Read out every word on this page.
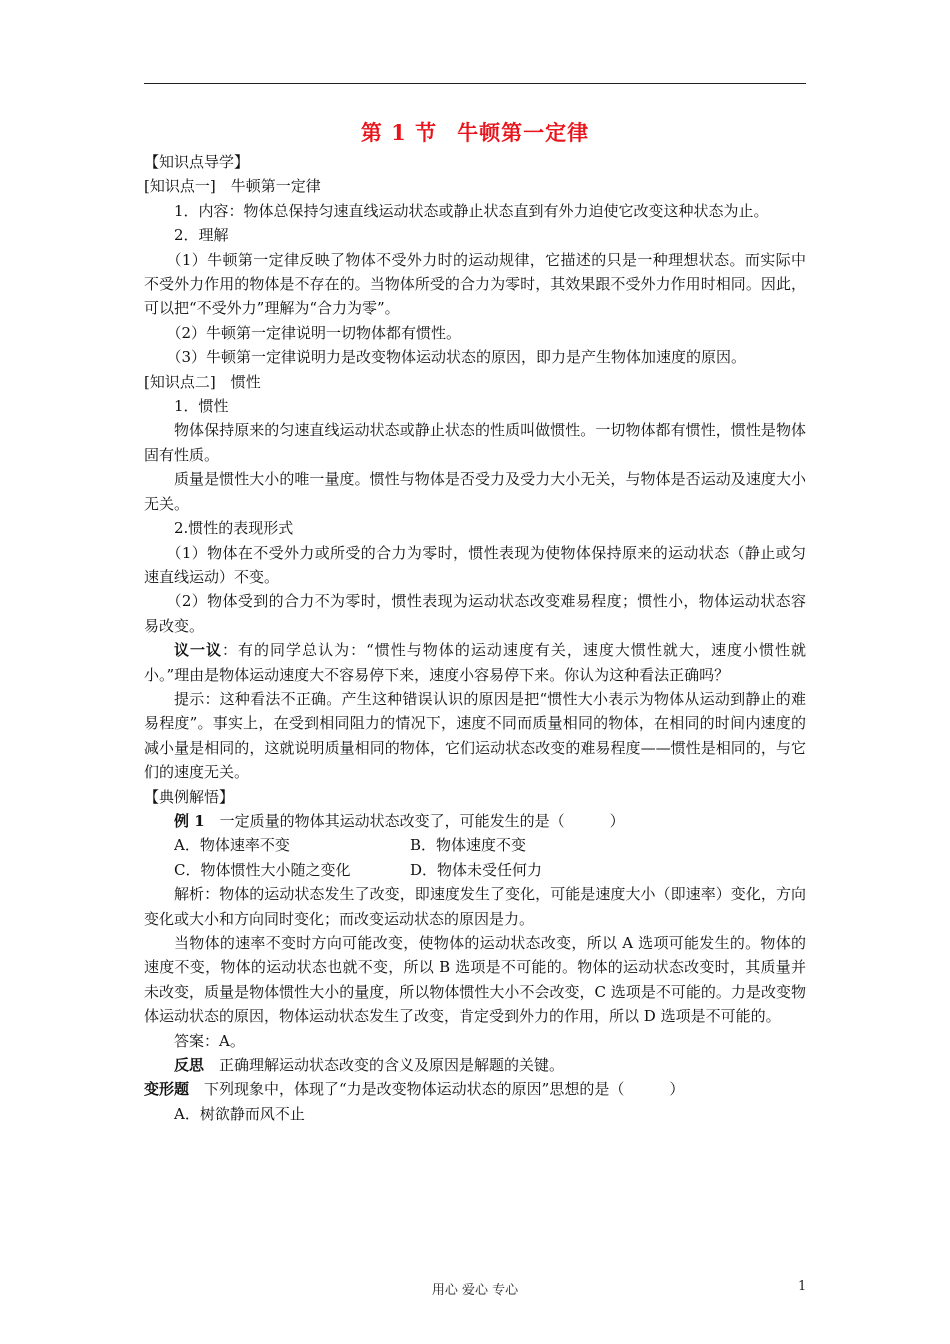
第 1 节 牛顿第一定律

【知识点导学】

[知识点一]　牛顿第一定律

1．内容：物体总保持匀速直线运动状态或静止状态直到有外力迫使它改变这种状态为止。

2．理解

（1）牛顿第一定律反映了物体不受外力时的运动规律，它描述的只是一种理想状态。而实际中不受外力作用的物体是不存在的。当物体所受的合力为零时，其效果跟不受外力作用时相同。因此，可以把“不受外力”理解为“合力为零”。

（2）牛顿第一定律说明一切物体都有惯性。

（3）牛顿第一定律说明力是改变物体运动状态的原因，即力是产生物体加速度的原因。

[知识点二]　惯性

1．惯性

物体保持原来的匀速直线运动状态或静止状态的性质叫做惯性。一切物体都有惯性，惯性是物体固有性质。

质量是惯性大小的唯一量度。惯性与物体是否受力及受力大小无关，与物体是否运动及速度大小无关。

2.惯性的表现形式

（1）物体在不受外力或所受的合力为零时，惯性表现为使物体保持原来的运动状态（静止或匀速直线运动）不变。

（2）物体受到的合力不为零时，惯性表现为运动状态改变难易程度；惯性小，物体运动状态容易改变。

议一议：有的同学总认为：“惯性与物体的运动速度有关，速度大惯性就大，速度小惯性就小。”理由是物体运动速度大不容易停下来，速度小容易停下来。你认为这种看法正确吗？

提示：这种看法不正确。产生这种错误认识的原因是把“惯性大小表示为物体从运动到静止的难易程度”。事实上，在受到相同阻力的情况下，速度不同而质量相同的物体，在相同的时间内速度的减小量是相同的，这就说明质量相同的物体，它们运动状态改变的难易程度——惯性是相同的，与它们的速度无关。

【典例解悟】

例 1　一定质量的物体其运动状态改变了，可能发生的是（　　　）

A．物体速率不变	B．物体速度不变
C．物体惯性大小随之变化	D．物体未受任何力

解析：物体的运动状态发生了改变，即速度发生了变化，可能是速度大小（即速率）变化，方向变化或大小和方向同时变化；而改变运动状态的原因是力。

当物体的速率不变时方向可能改变，使物体的运动状态改变，所以 A 选项可能发生的。物体的速度不变，物体的运动状态也就不变，所以 B 选项是不可能的。物体的运动状态改变时，其质量并未改变，质量是物体惯性大小的量度，所以物体惯性大小不会改变，C 选项是不可能的。力是改变物体运动状态的原因，物体运动状态发生了改变，肯定受到外力的作用，所以 D 选项是不可能的。

答案：A。

反思　正确理解运动状态改变的含义及原因是解题的关键。

变形题　下列现象中，体现了“力是改变物体运动状态的原因”思想的是（　　　）

A．树欲静而风不止

用心 爱心 专心	1
